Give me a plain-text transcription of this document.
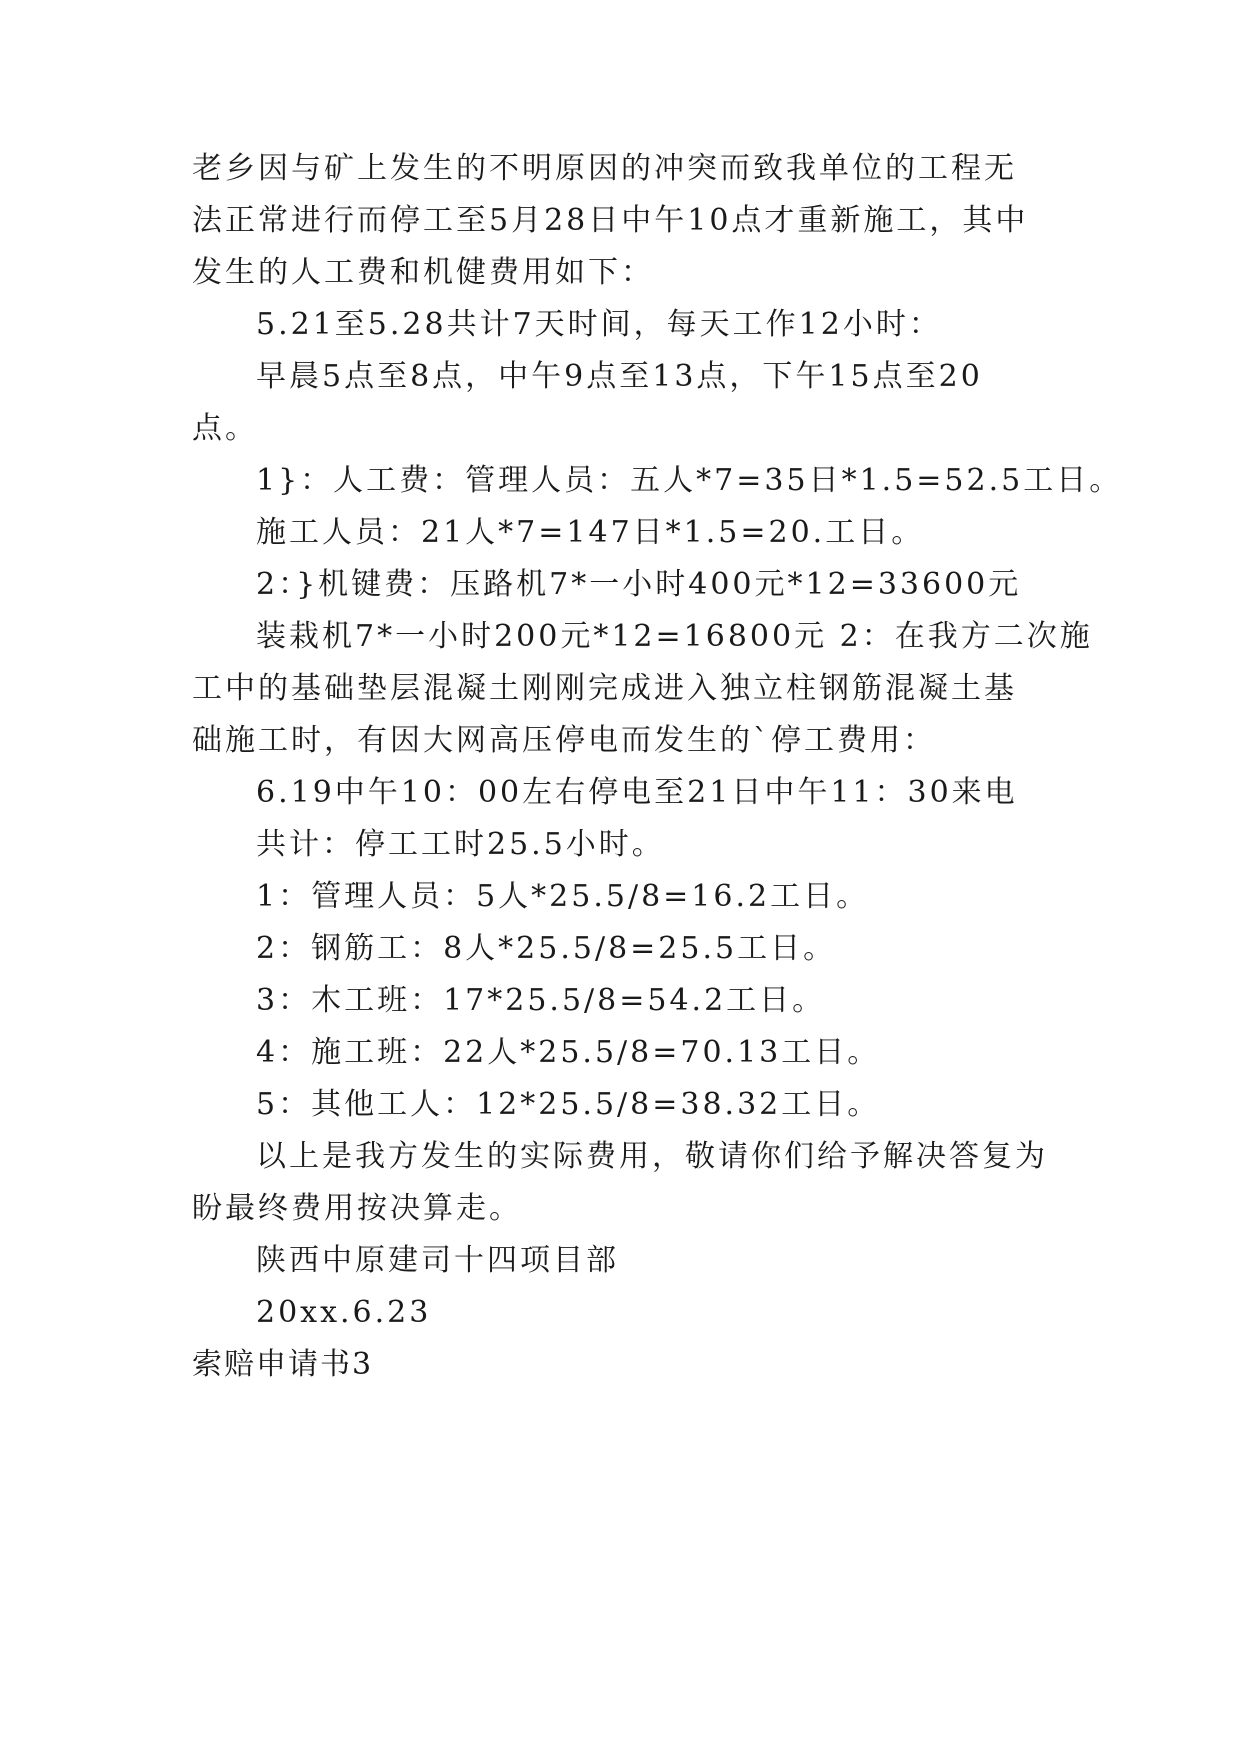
老乡因与矿上发生的不明原因的冲突而致我单位的工程无
法正常进行而停工至5月28日中午10点才重新施工，其中
发生的人工费和机健费用如下：
5.21至5.28共计7天时间，每天工作12小时：
早晨5点至8点，中午9点至13点，下午15点至20
点。
1}：人工费：管理人员：五人*7=35日*1.5=52.5工日。
施工人员：21人*7=147日*1.5=20.工日。
2：}机键费：压路机7*一小时400元*12=33600元
装栽机7*一小时200元*12=16800元 2：在我方二次施
工中的基础垫层混凝土刚刚完成进入独立柱钢筋混凝土基
础施工时，有因大网高压停电而发生的`停工费用：
6.19中午10：00左右停电至21日中午11：30来电
共计：停工工时25.5小时。
1：管理人员：5人*25.5/8=16.2工日。
2：钢筋工：8人*25.5/8=25.5工日。
3：木工班：17*25.5/8=54.2工日。
4：施工班：22人*25.5/8=70.13工日。
5：其他工人：12*25.5/8=38.32工日。
以上是我方发生的实际费用，敬请你们给予解决答复为
盼最终费用按决算走。
陕西中原建司十四项目部
20xx.6.23
索赔申请书3
